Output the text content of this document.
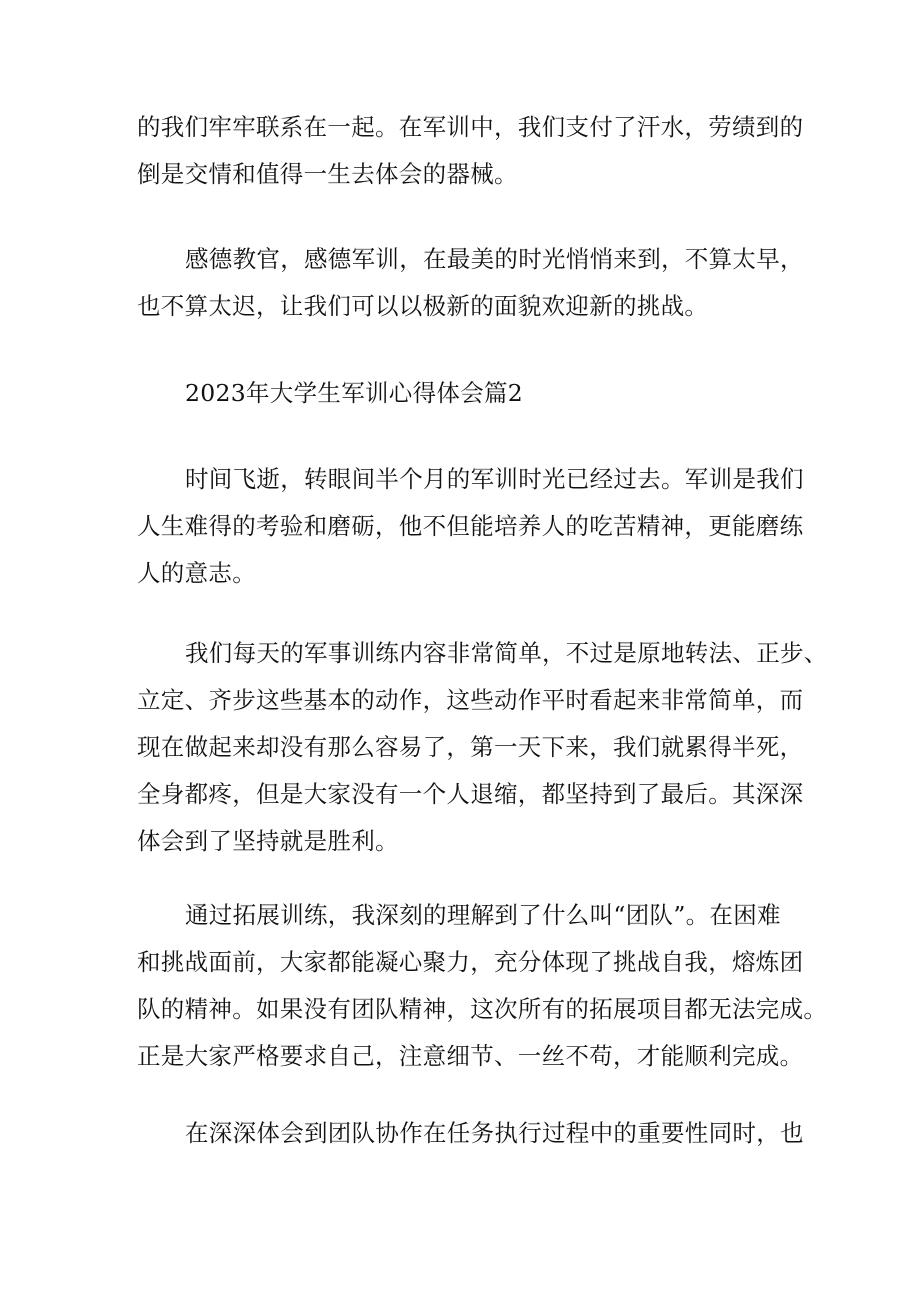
的我们牢牢联系在一起。在军训中，我们支付了汗水，劳绩到的
倒是交情和值得一生去体会的器械。
感德教官，感德军训，在最美的时光悄悄来到，不算太早，
也不算太迟，让我们可以以极新的面貌欢迎新的挑战。
2023年大学生军训心得体会篇2
时间飞逝，转眼间半个月的军训时光已经过去。军训是我们
人生难得的考验和磨砺，他不但能培养人的吃苦精神，更能磨练
人的意志。
我们每天的军事训练内容非常简单，不过是原地转法、正步、
立定、齐步这些基本的动作，这些动作平时看起来非常简单，而
现在做起来却没有那么容易了，第一天下来，我们就累得半死，
全身都疼，但是大家没有一个人退缩，都坚持到了最后。其深深
体会到了坚持就是胜利。
通过拓展训练，我深刻的理解到了什么叫“团队”。在困难
和挑战面前，大家都能凝心聚力，充分体现了挑战自我，熔炼团
队的精神。如果没有团队精神，这次所有的拓展项目都无法完成。
正是大家严格要求自己，注意细节、一丝不苟，才能顺利完成。
在深深体会到团队协作在任务执行过程中的重要性同时，也
